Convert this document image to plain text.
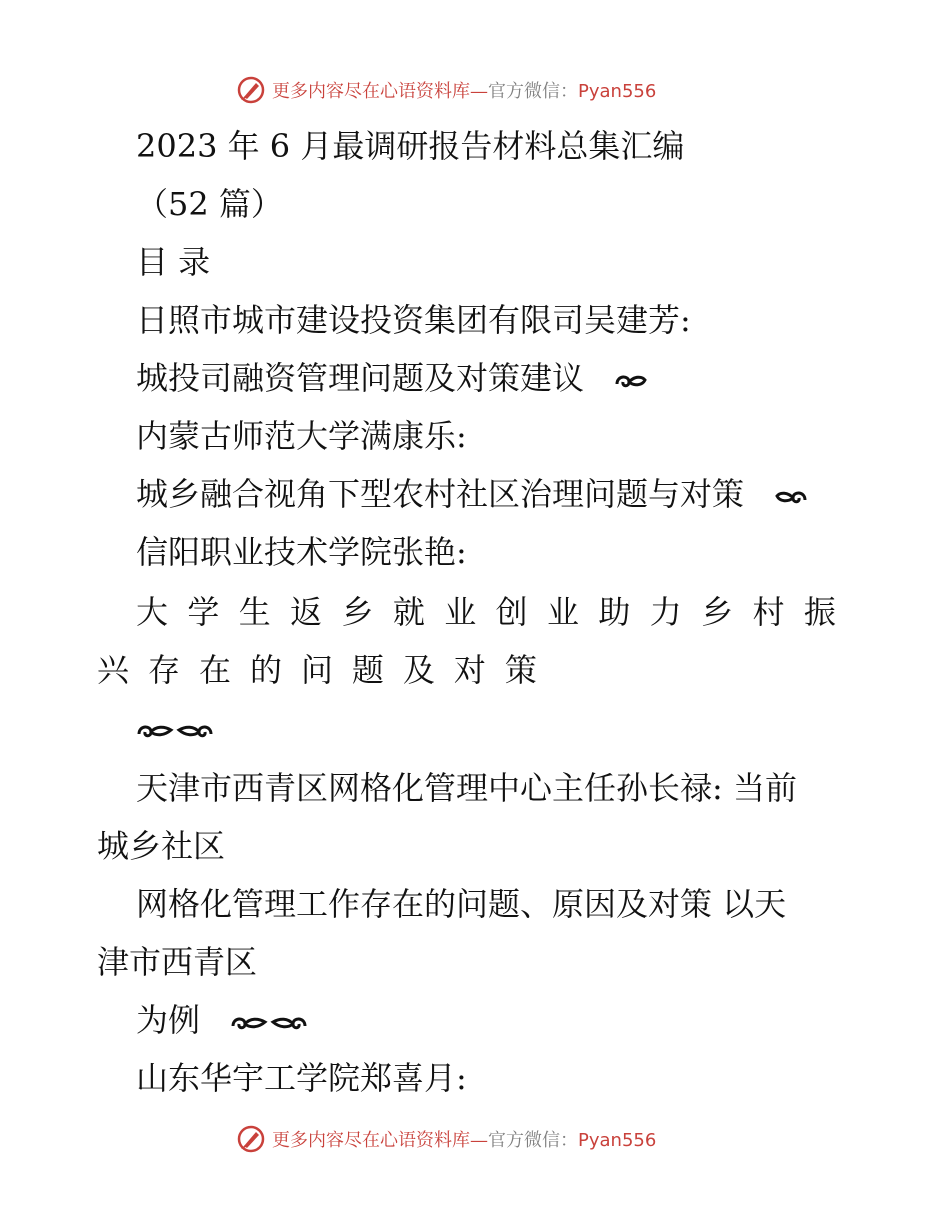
更多内容尽在心语资料库—官方微信：Pyan556
2023 年 6 月最调研报告材料总集汇编
（52 篇）
目 录
日照市城市建设投资集团有限司吴建芳:
城投司融资管理问题及对策建议
内蒙古师范大学满康乐:
城乡融合视角下型农村社区治理问题与对策
信阳职业技术学院张艳:
大 学 生 返 乡 就 业 创 业 助 力 乡 村 振
兴 存 在 的 问 题 及 对 策
天津市西青区网格化管理中心主任孙长禄: 当前
城乡社区
网格化管理工作存在的问题、原因及对策 以天
津市西青区
为例
山东华宇工学院郑喜月:
更多内容尽在心语资料库—官方微信：Pyan556
